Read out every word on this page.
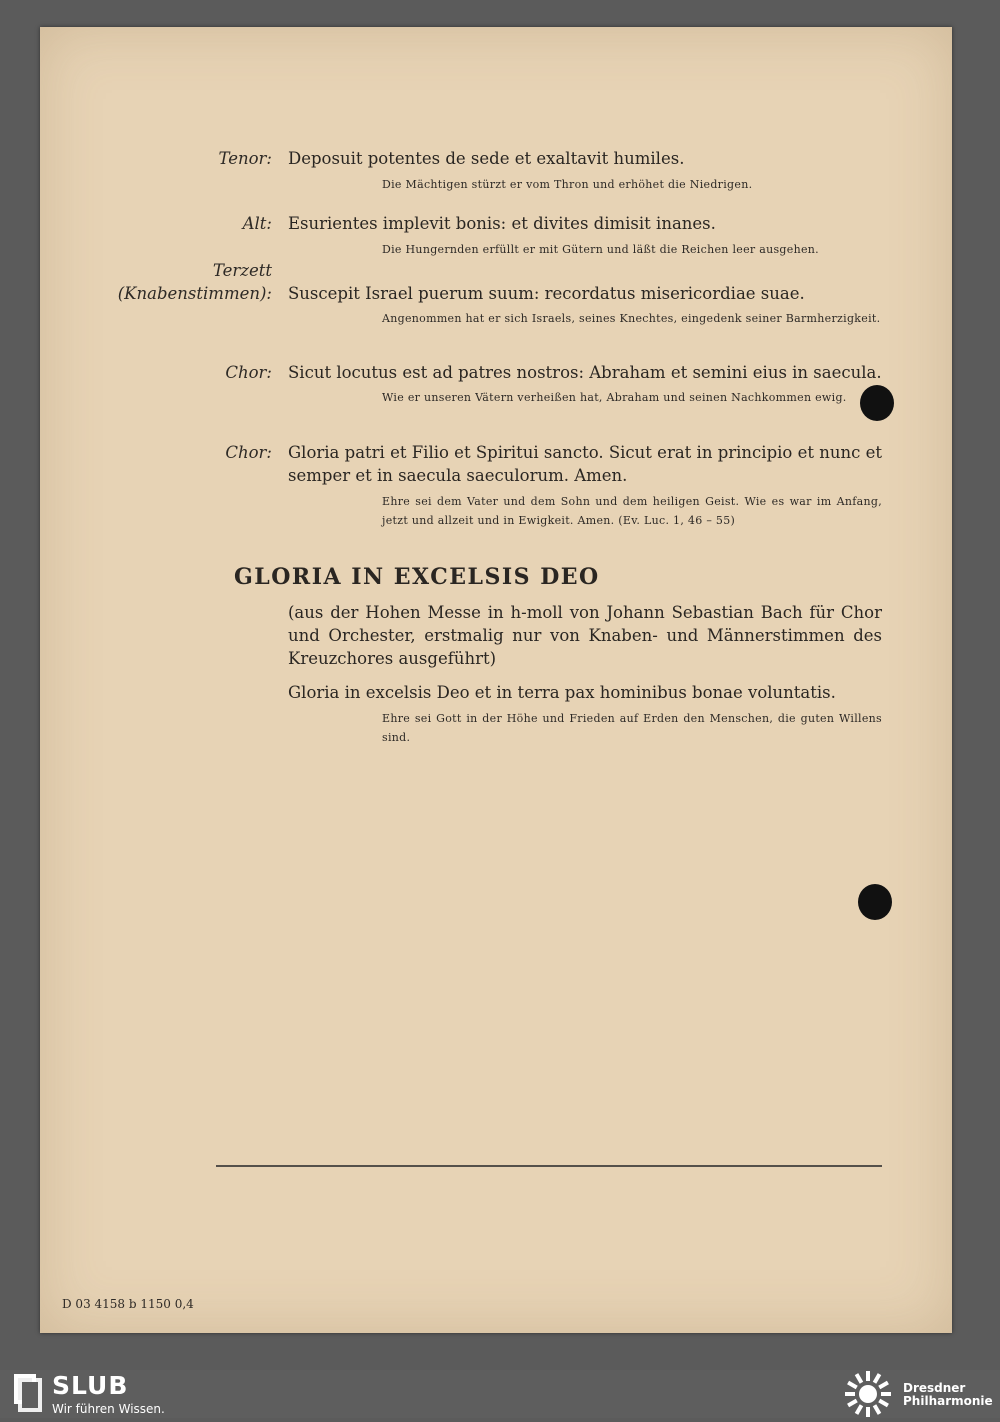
Tenor: Deposuit potentes de sede et exaltavit humiles.
Die Mächtigen stürzt er vom Thron und erhöhet die Niedrigen.
Alt: Esurientes implevit bonis: et divites dimisit inanes.
Die Hungernden erfüllt er mit Gütern und läßt die Reichen leer ausgehen.
Terzett
(Knabenstimmen): Suscepit Israel puerum suum: recordatus misericordiae suae.
Angenommen hat er sich Israels, seines Knechtes, eingedenk seiner Barmherzigkeit.
Chor: Sicut locutus est ad patres nostros: Abraham et semini eius in saecula.
Wie er unseren Vätern verheißen hat, Abraham und seinen Nachkommen ewig.
Chor: Gloria patri et Filio et Spiritui sancto. Sicut erat in principio et nunc et semper et in saecula saeculorum. Amen.
Ehre sei dem Vater und dem Sohn und dem heiligen Geist. Wie es war im Anfang, jetzt und allzeit und in Ewigkeit. Amen. (Ev. Luc. 1, 46 – 55)
GLORIA IN EXCELSIS DEO
(aus der Hohen Messe in h-moll von Johann Sebastian Bach für Chor und Orchester, erstmalig nur von Knaben- und Männerstimmen des Kreuzchores ausgeführt)
Gloria in excelsis Deo et in terra pax hominibus bonae voluntatis.
Ehre sei Gott in der Höhe und Frieden auf Erden den Menschen, die guten Willens sind.
D 03 4158 b 1150 0,4
SLUB
Wir führen Wissen.
Dresdner
Philharmonie
